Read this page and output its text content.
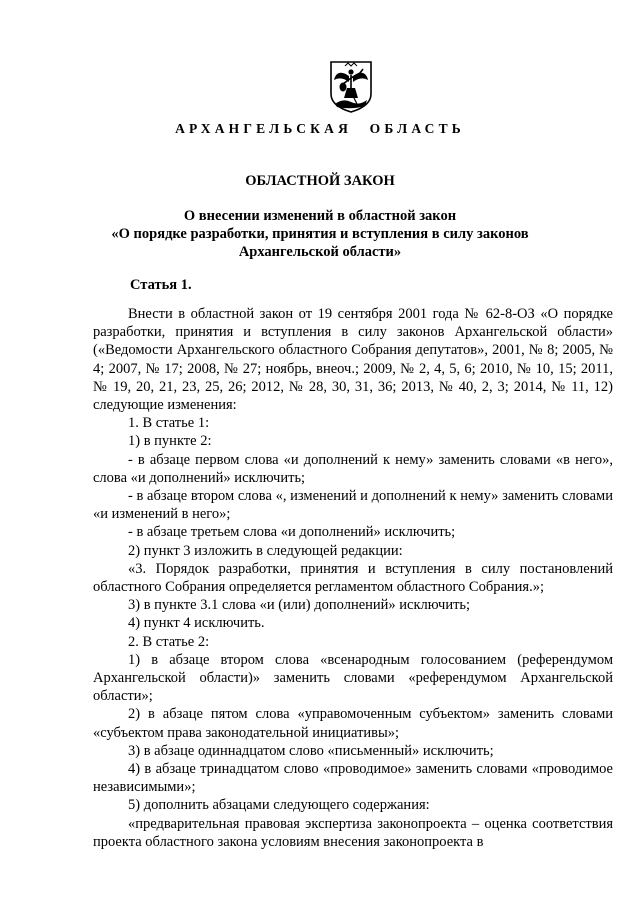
АРХАНГЕЛЬСКАЯ ОБЛАСТЬ
ОБЛАСТНОЙ ЗАКОН
О внесении изменений в областной закон
«О порядке разработки, принятия и вступления в силу законов
Архангельской области»
Статья 1.

Внести в областной закон от 19 сентября 2001 года № 62-8-ОЗ «О порядке разработки, принятия и вступления в силу законов Архангельской области» («Ведомости Архангельского областного Собрания депутатов», 2001, № 8; 2005, № 4; 2007, № 17; 2008, № 27; ноябрь, внеоч.; 2009, № 2, 4, 5, 6; 2010, № 10, 15; 2011, № 19, 20, 21, 23, 25, 26; 2012, № 28, 30, 31, 36; 2013, № 40, 2, 3; 2014, № 11, 12) следующие изменения:

1. В статье 1:

1) в пункте 2:

- в абзаце первом слова «и дополнений к нему» заменить словами «в него», слова «и дополнений» исключить;

- в абзаце втором слова «, изменений и дополнений к нему» заменить словами «и изменений в него»;

- в абзаце третьем слова «и дополнений» исключить;

2) пункт 3 изложить в следующей редакции:

«3. Порядок разработки, принятия и вступления в силу постановлений областного Собрания определяется регламентом областного Собрания.»;

3) в пункте 3.1 слова «и (или) дополнений» исключить;

4) пункт 4 исключить.

2. В статье 2:

1) в абзаце втором слова «всенародным голосованием (референдумом Архангельской области)» заменить словами «референдумом Архангельской области»;

2) в абзаце пятом слова «управомоченным субъектом» заменить словами «субъектом права законодательной инициативы»;

3) в абзаце одиннадцатом слово «письменный» исключить;

4) в абзаце тринадцатом слово «проводимое» заменить словами «проводимое независимыми»;

5) дополнить абзацами следующего содержания:

«предварительная правовая экспертиза законопроекта – оценка соответствия проекта областного закона условиям внесения законопроекта в
